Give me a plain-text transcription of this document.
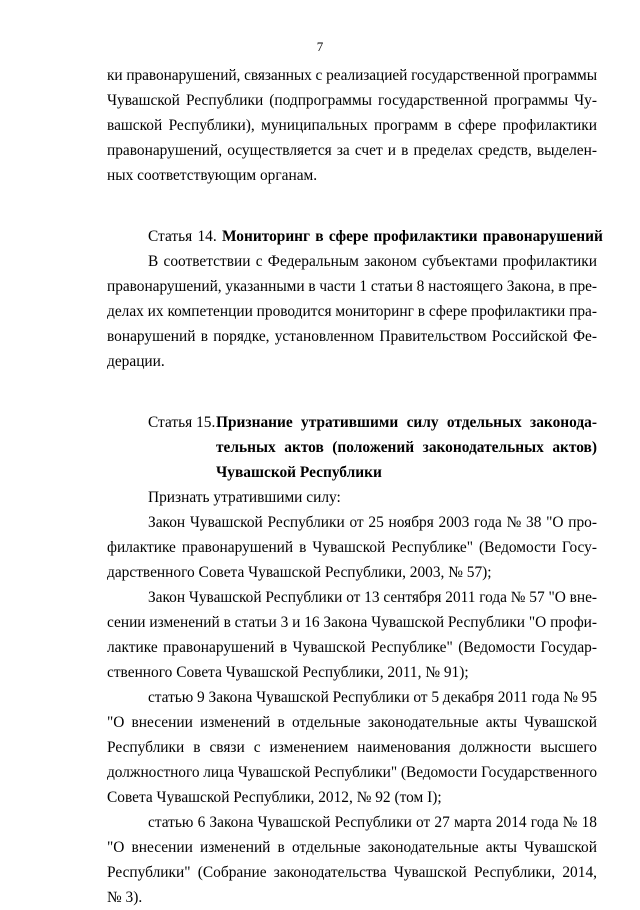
7
ки правонарушений, связанных с реализацией государственной программы
Чувашской Республики (подпрограммы государственной программы Чу-
вашской Республики), муниципальных программ в сфере профилактики
правонарушений, осуществляется за счет и в пределах средств, выделен-
ных соответствующим органам.
Статья 14. Мониторинг в сфере профилактики правонарушений
В соответствии с Федеральным законом субъектами профилактики
правонарушений, указанными в части 1 статьи 8 настоящего Закона, в пре-
делах их компетенции проводится мониторинг в сфере профилактики пра-
вонарушений в порядке, установленном Правительством Российской Фе-
дерации.
Статья 15. Признание утратившими силу отдельных законода-
тельных актов (положений законодательных актов)
Чувашской Республики
Признать утратившими силу:
Закон Чувашской Республики от 25 ноября 2003 года № 38 "О про-
филактике правонарушений в Чувашской Республике" (Ведомости Госу-
дарственного Совета Чувашской Республики, 2003, № 57);
Закон Чувашской Республики от 13 сентября 2011 года № 57 "О вне-
сении изменений в статьи 3 и 16 Закона Чувашской Республики "О профи-
лактике правонарушений в Чувашской Республике" (Ведомости Государ-
ственного Совета Чувашской Республики, 2011, № 91);
статью 9 Закона Чувашской Республики от 5 декабря 2011 года № 95
"О внесении изменений в отдельные законодательные акты Чувашской
Республики в связи с изменением наименования должности высшего
должностного лица Чувашской Республики" (Ведомости Государственного
Совета Чувашской Республики, 2012, № 92 (том I);
статью 6 Закона Чувашской Республики от 27 марта 2014 года № 18
"О внесении изменений в отдельные законодательные акты Чувашской
Республики" (Собрание законодательства Чувашской Республики, 2014,
№ 3).
